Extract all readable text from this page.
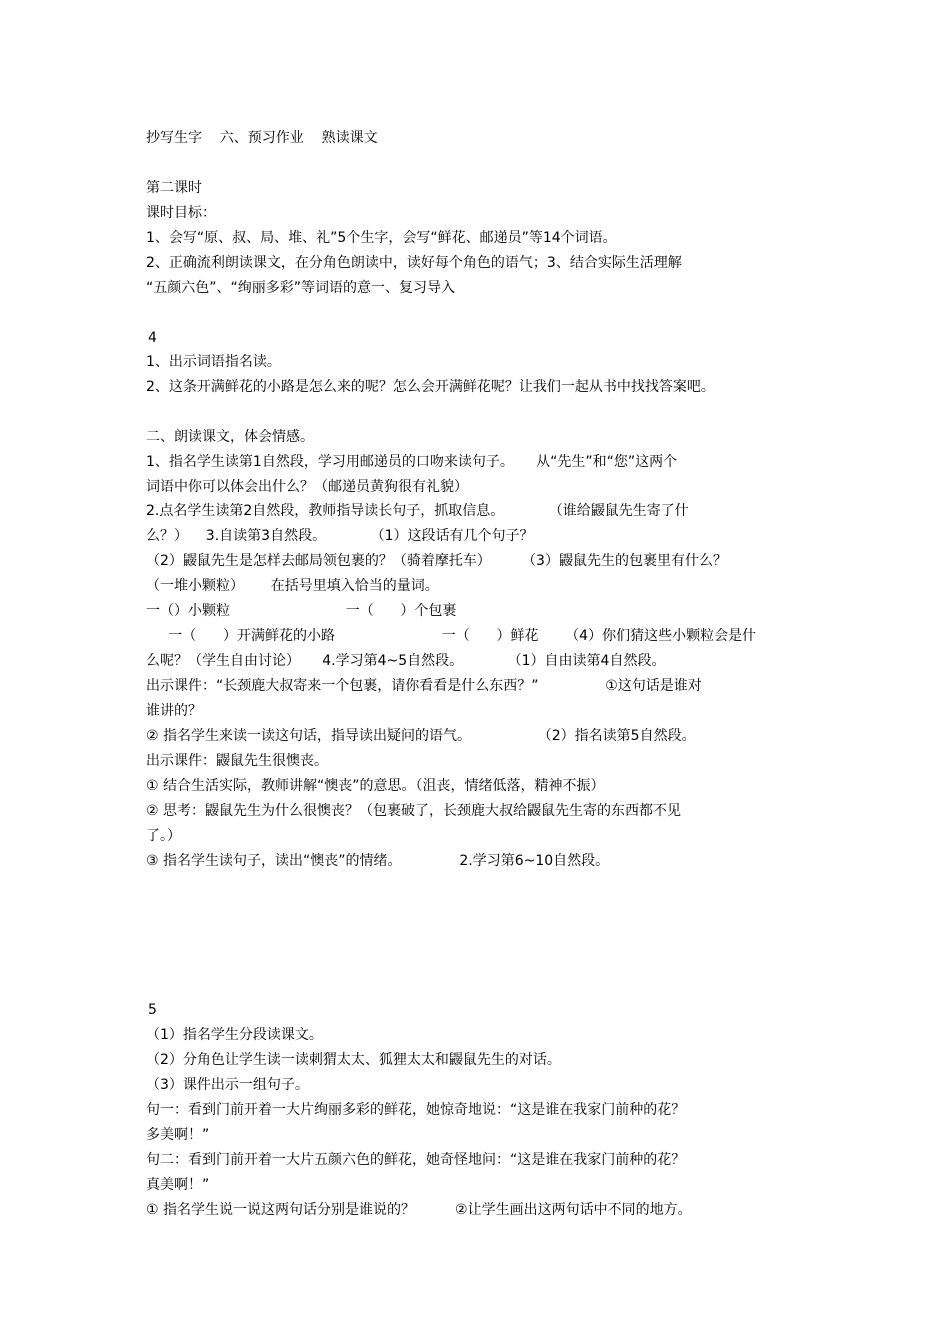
抄写生字    六、预习作业    熟读课文
第二课时
课时目标：
1、会写“原、叔、局、堆、礼”5个生字，会写“鲜花、邮递员”等14个词语。
2、正确流利朗读课文，在分角色朗读中，读好每个角色的语气；3、结合实际生活理解
“五颜六色”、“绚丽多彩”等词语的意一、复习导入
4
1、出示词语指名读。
2、这条开满鲜花的小路是怎么来的呢？怎么会开满鲜花呢？让我们一起从书中找找答案吧。
二、朗读课文，体会情感。
1、指名学生读第1自然段，学习用邮递员的口吻来读句子。     从“先生”和“您”这两个
词语中你可以体会出什么？（邮递员黄狗很有礼貌）
2.点名学生读第2自然段，教师指导读长句子，抓取信息。          （谁给鼹鼠先生寄了什
么？）    3.自读第3自然段。          （1）这段话有几个句子？
（2）鼹鼠先生是怎样去邮局领包裹的？（骑着摩托车）       （3）鼹鼠先生的包裹里有什么？
（一堆小颗粒）      在括号里填入恰当的量词。
一（）小颗粒                          一（      ）个包裹
一（      ）开满鲜花的小路                        一（      ）鲜花      （4）你们猜这些小颗粒会是什
么呢？（学生自由讨论）     4.学习第4~5自然段。          （1）自由读第4自然段。
出示课件：“长颈鹿大叔寄来一个包裹，请你看看是什么东西？”               ①这句话是谁对
谁讲的？
② 指名学生来读一读这句话，指导读出疑问的语气。               （2）指名读第5自然段。
出示课件：鼹鼠先生很懊丧。
① 结合生活实际，教师讲解“懊丧”的意思。（沮丧，情绪低落，精神不振）
② 思考：鼹鼠先生为什么很懊丧？（包裹破了，长颈鹿大叔给鼹鼠先生寄的东西都不见
了。）
③ 指名学生读句子，读出“懊丧”的情绪。             2.学习第6~10自然段。
5
（1）指名学生分段读课文。
（2）分角色让学生读一读刺猬太太、狐狸太太和鼹鼠先生的对话。
（3）课件出示一组句子。
句一：看到门前开着一大片绚丽多彩的鲜花，她惊奇地说：“这是谁在我家门前种的花？
多美啊！”
句二：看到门前开着一大片五颜六色的鲜花，她奇怪地问：“这是谁在我家门前种的花？
真美啊！”
① 指名学生说一说这两句话分别是谁说的？         ②让学生画出这两句话中不同的地方。
